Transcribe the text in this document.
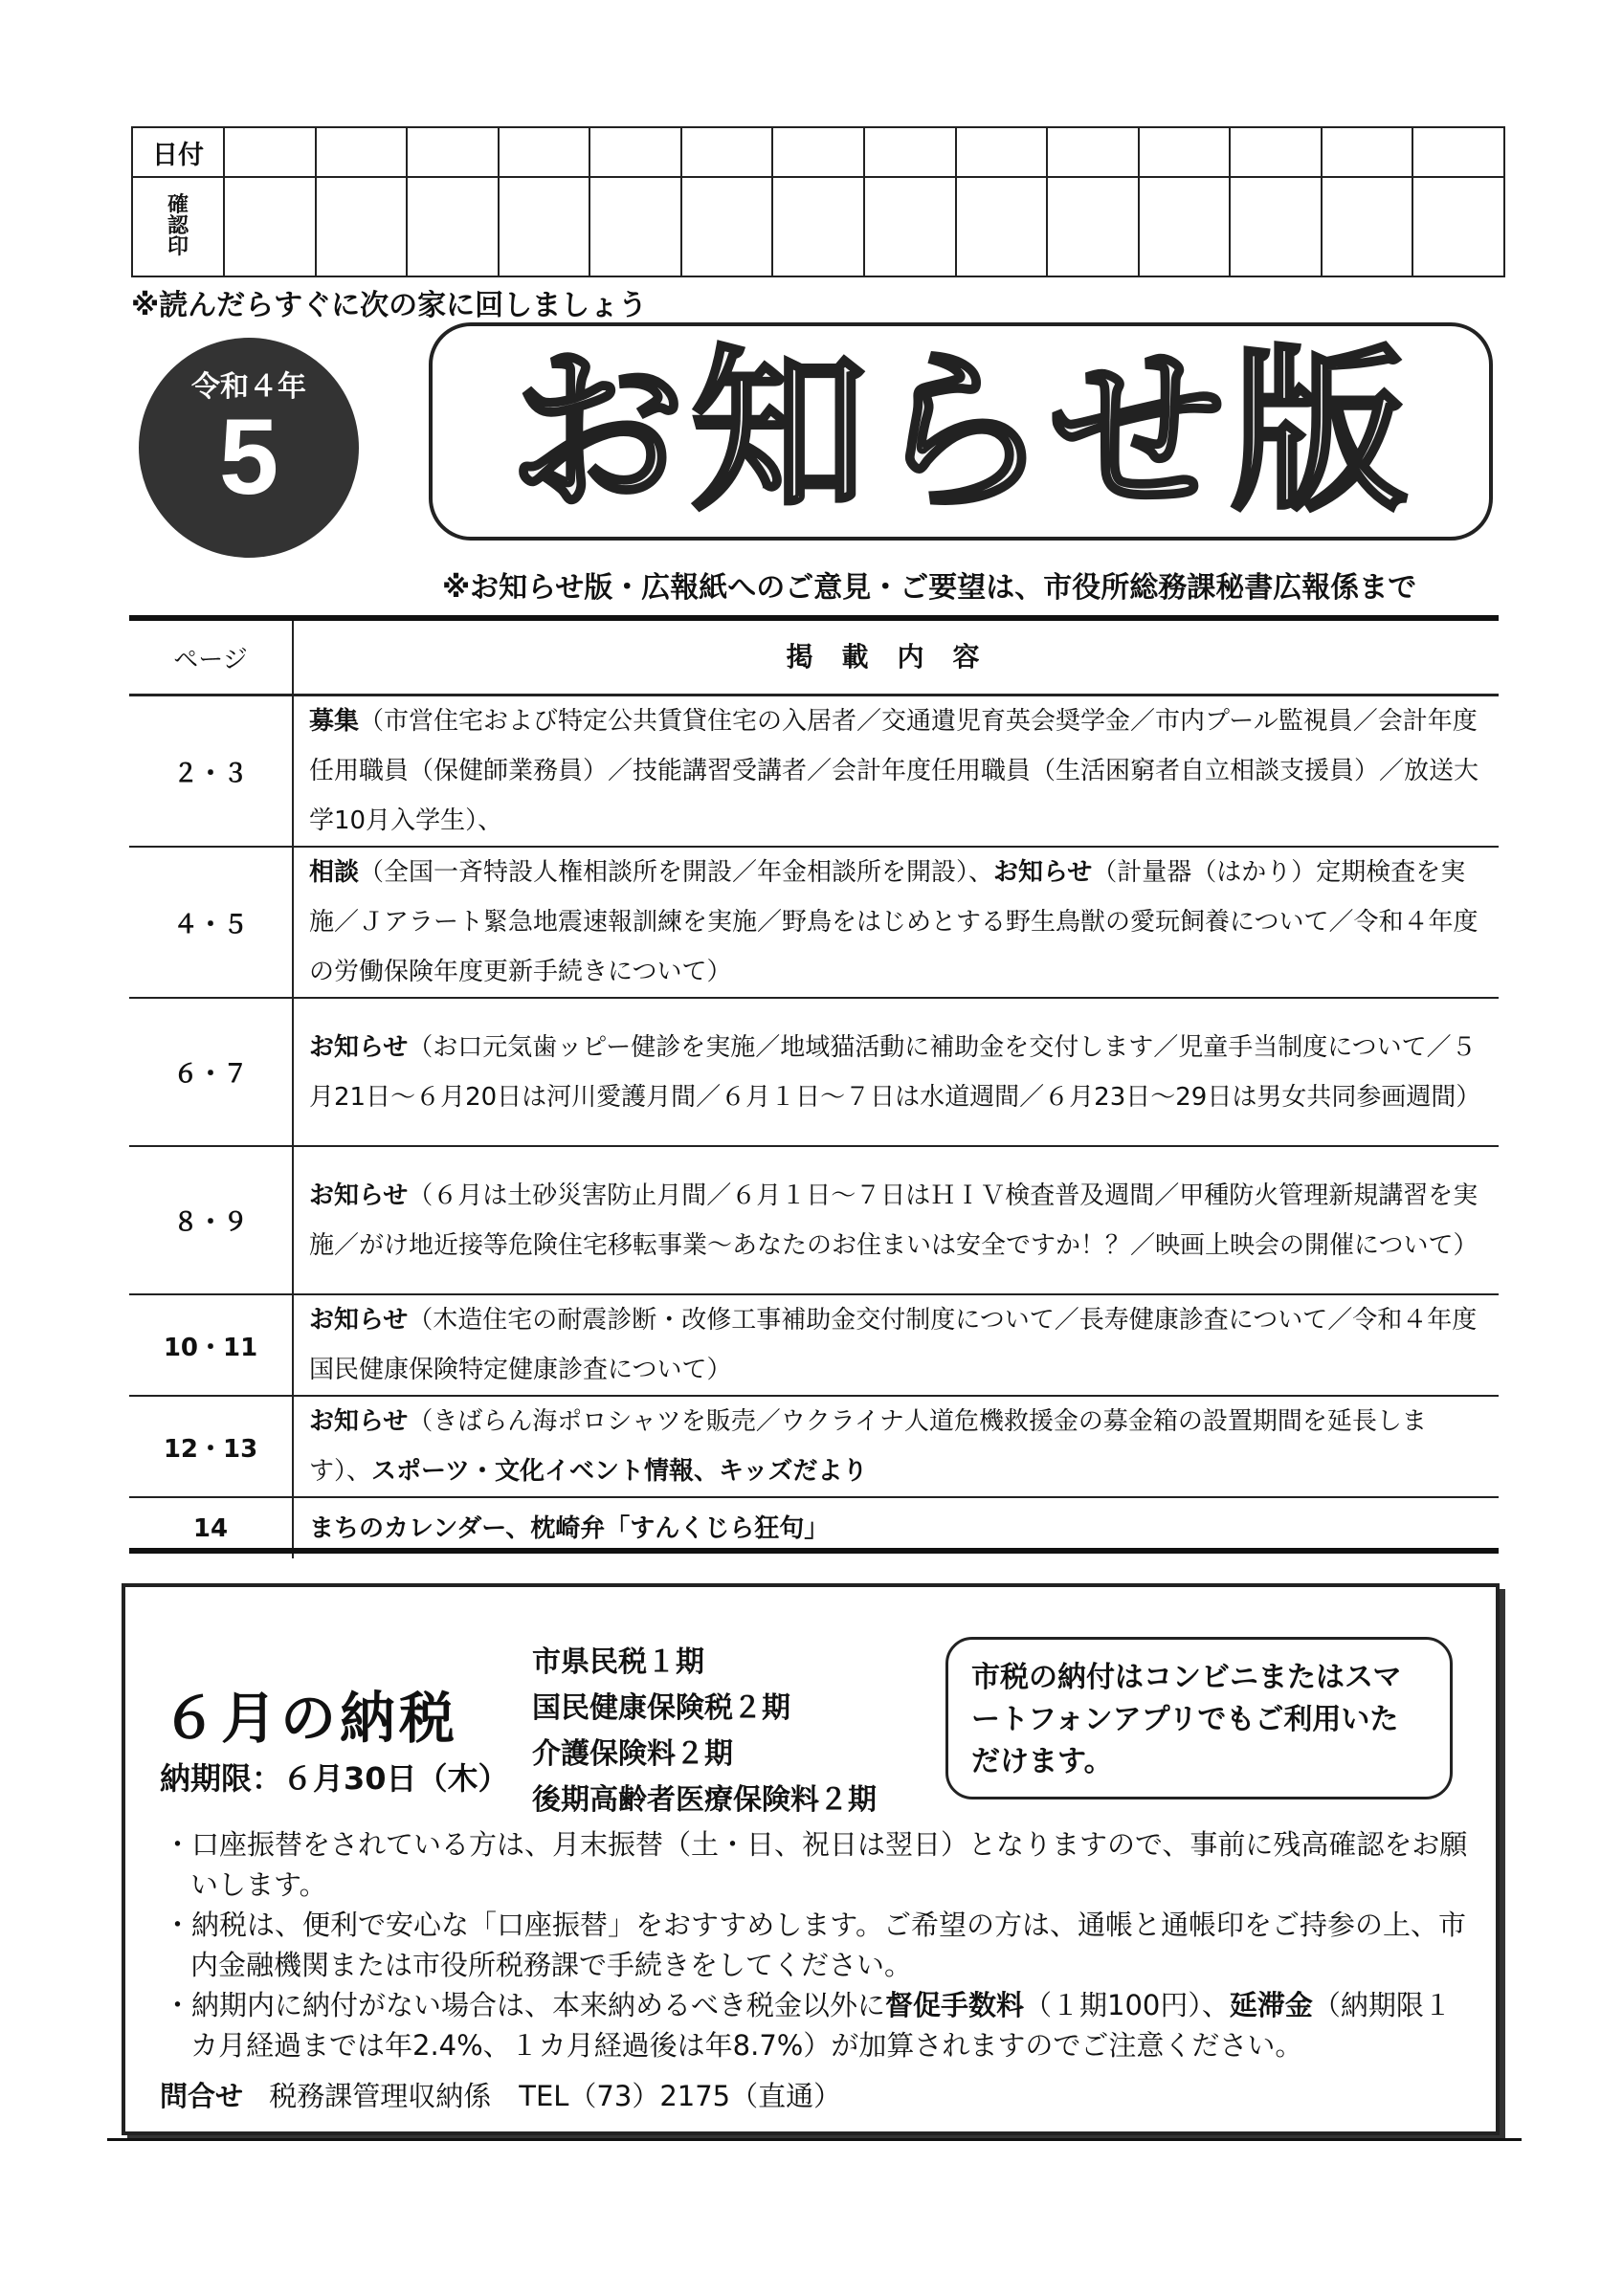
日付														
確
認
印														
※読んだらすぐに次の家に回しましょう
令和４年
5	お知らせ版
※お知らせ版・広報紙へのご意見・ご要望は、市役所総務課秘書広報係まで
ページ	掲載内容
２・３	募集（市営住宅および特定公共賃貸住宅の入居者／交通遺児育英会奨学金／市内プール監視員／会計年度任用職員（保健師業務員）／技能講習受講者／会計年度任用職員（生活困窮者自立相談支援員）／放送大学10月入学生）、
４・５	相談（全国一斉特設人権相談所を開設／年金相談所を開設）、お知らせ（計量器（はかり）定期検査を実施／Ｊアラート緊急地震速報訓練を実施／野鳥をはじめとする野生鳥獣の愛玩飼養について／令和４年度の労働保険年度更新手続きについて）
６・７	お知らせ（お口元気歯ッピー健診を実施／地域猫活動に補助金を交付します／児童手当制度について／５月21日～６月20日は河川愛護月間／６月１日～７日は水道週間／６月23日～29日は男女共同参画週間）
８・９	お知らせ（６月は土砂災害防止月間／６月１日～７日はＨＩＶ検査普及週間／甲種防火管理新規講習を実施／がけ地近接等危険住宅移転事業～あなたのお住まいは安全ですか！？／映画上映会の開催について）
10・11	お知らせ（木造住宅の耐震診断・改修工事補助金交付制度について／長寿健康診査について／令和４年度国民健康保険特定健康診査について）
12・13	お知らせ（きばらん海ポロシャツを販売／ウクライナ人道危機救援金の募金箱の設置期間を延長します）、スポーツ・文化イベント情報、キッズだより
14	まちのカレンダー、枕崎弁「すんくじら狂句」
６月の納税
納期限：６月30日（木）
市県民税１期
国民健康保険税２期
介護保険料２期
後期高齢者医療保険料２期
市税の納付はコンビニまたはスマートフォンアプリでもご利用いただけます。
・口座振替をされている方は、月末振替（土・日、祝日は翌日）となりますので、事前に残高確認をお願いします。
・納税は、便利で安心な「口座振替」をおすすめします。ご希望の方は、通帳と通帳印をご持参の上、市内金融機関または市役所税務課で手続きをしてください。
・納期内に納付がない場合は、本来納めるべき税金以外に督促手数料（１期100円）、延滞金（納期限１カ月経過までは年2.4%、１カ月経過後は年8.7%）が加算されますのでご注意ください。
問合せ 税務課管理収納係　TEL（73）2175（直通）
